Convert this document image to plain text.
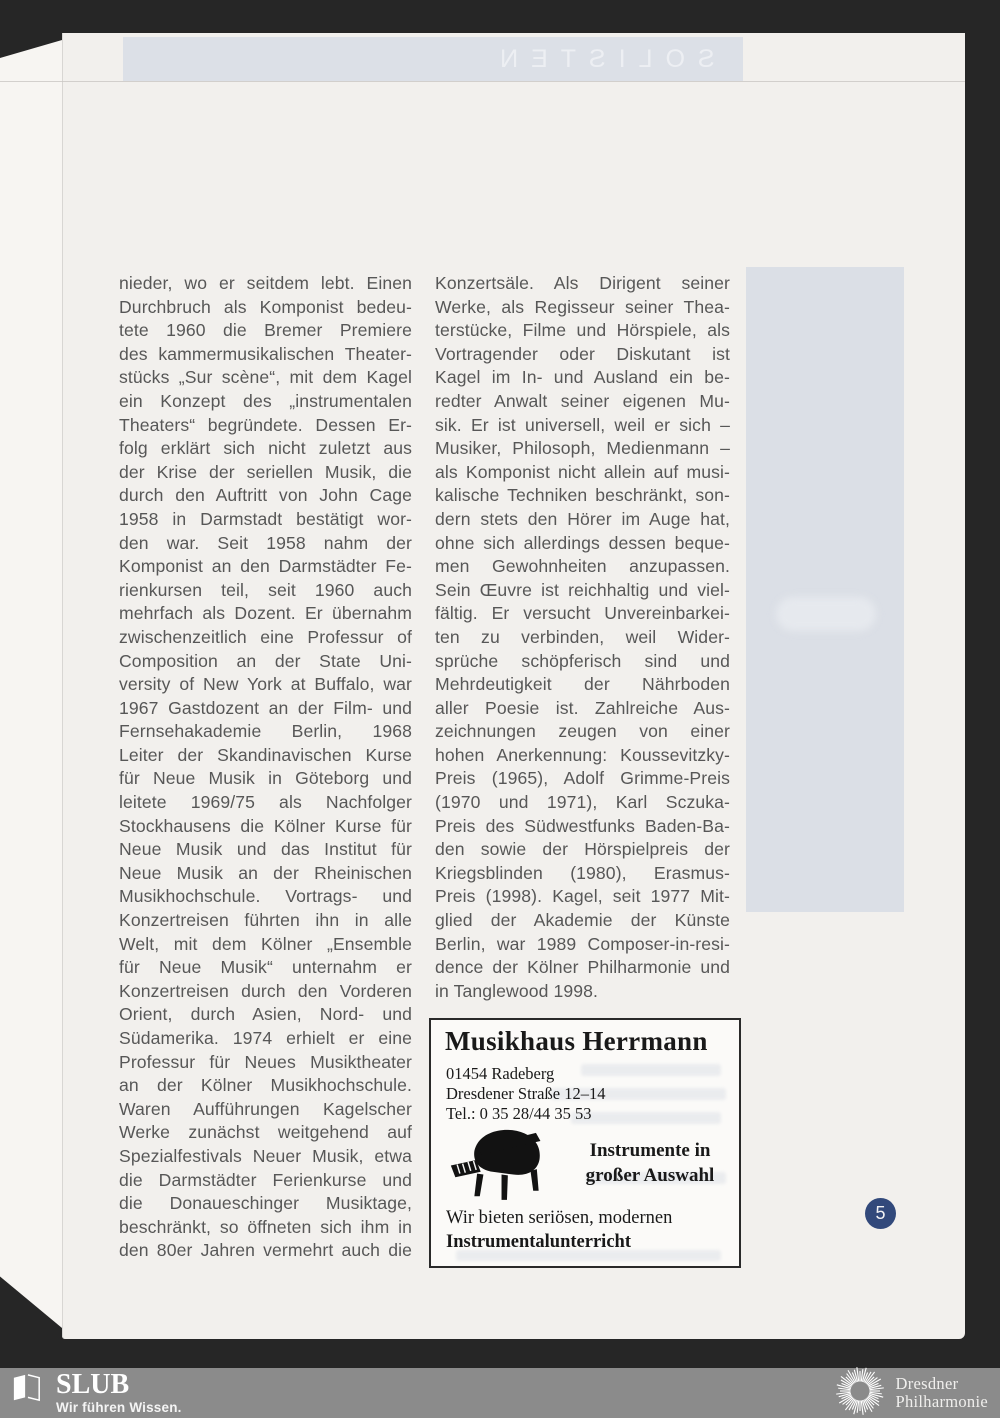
SOLISTEN
nieder, wo er seitdem lebt. Einen
Durchbruch als Komponist bedeu-
tete 1960 die Bremer Premiere
des kammermusikalischen Theater-
stücks „Sur scène“, mit dem Kagel
ein Konzept des „instrumentalen
Theaters“ begründete. Dessen Er-
folg erklärt sich nicht zuletzt aus
der Krise der seriellen Musik, die
durch den Auftritt von John Cage
1958 in Darmstadt bestätigt wor-
den war. Seit 1958 nahm der
Komponist an den Darmstädter Fe-
rienkursen teil, seit 1960 auch
mehrfach als Dozent. Er übernahm
zwischenzeitlich eine Professur of
Composition an der State Uni-
versity of New York at Buffalo, war
1967 Gastdozent an der Film- und
Fernsehakademie Berlin, 1968
Leiter der Skandinavischen Kurse
für Neue Musik in Göteborg und
leitete 1969/75 als Nachfolger
Stockhausens die Kölner Kurse für
Neue Musik und das Institut für
Neue Musik an der Rheinischen
Musikhochschule. Vortrags- und
Konzertreisen führten ihn in alle
Welt, mit dem Kölner „Ensemble
für Neue Musik“ unternahm er
Konzertreisen durch den Vorderen
Orient, durch Asien, Nord- und
Südamerika. 1974 erhielt er eine
Professur für Neues Musiktheater
an der Kölner Musikhochschule.
Waren Aufführungen Kagelscher
Werke zunächst weitgehend auf
Spezialfestivals Neuer Musik, etwa
die Darmstädter Ferienkurse und
die Donaueschinger Musiktage,
beschränkt, so öffneten sich ihm in
den 80er Jahren vermehrt auch die
Konzertsäle. Als Dirigent seiner
Werke, als Regisseur seiner Thea-
terstücke, Filme und Hörspiele, als
Vortragender oder Diskutant ist
Kagel im In- und Ausland ein be-
redter Anwalt seiner eigenen Mu-
sik. Er ist universell, weil er sich –
Musiker, Philosoph, Medienmann –
als Komponist nicht allein auf musi-
kalische Techniken beschränkt, son-
dern stets den Hörer im Auge hat,
ohne sich allerdings dessen beque-
men Gewohnheiten anzupassen.
Sein Œuvre ist reichhaltig und viel-
fältig. Er versucht Unvereinbarkei-
ten zu verbinden, weil Wider-
sprüche schöpferisch sind und
Mehrdeutigkeit der Nährboden
aller Poesie ist. Zahlreiche Aus-
zeichnungen zeugen von einer
hohen Anerkennung: Koussevitzky-
Preis (1965), Adolf Grimme-Preis
(1970 und 1971), Karl Sczuka-
Preis des Südwestfunks Baden-Ba-
den sowie der Hörspielpreis der
Kriegsblinden (1980), Erasmus-
Preis (1998). Kagel, seit 1977 Mit-
glied der Akademie der Künste
Berlin, war 1989 Composer-in-resi-
dence der Kölner Philharmonie und
in Tanglewood 1998.
Musikhaus Herrmann
01454 Radeberg
Dresdener Straße 12–14
Tel.: 0 35 28/44 35 53
Instrumente in
großer Auswahl
Wir bieten seriösen, modernen
Instrumentalunterricht
5
SLUB
Wir führen Wissen.
Dresdner
Philharmonie
